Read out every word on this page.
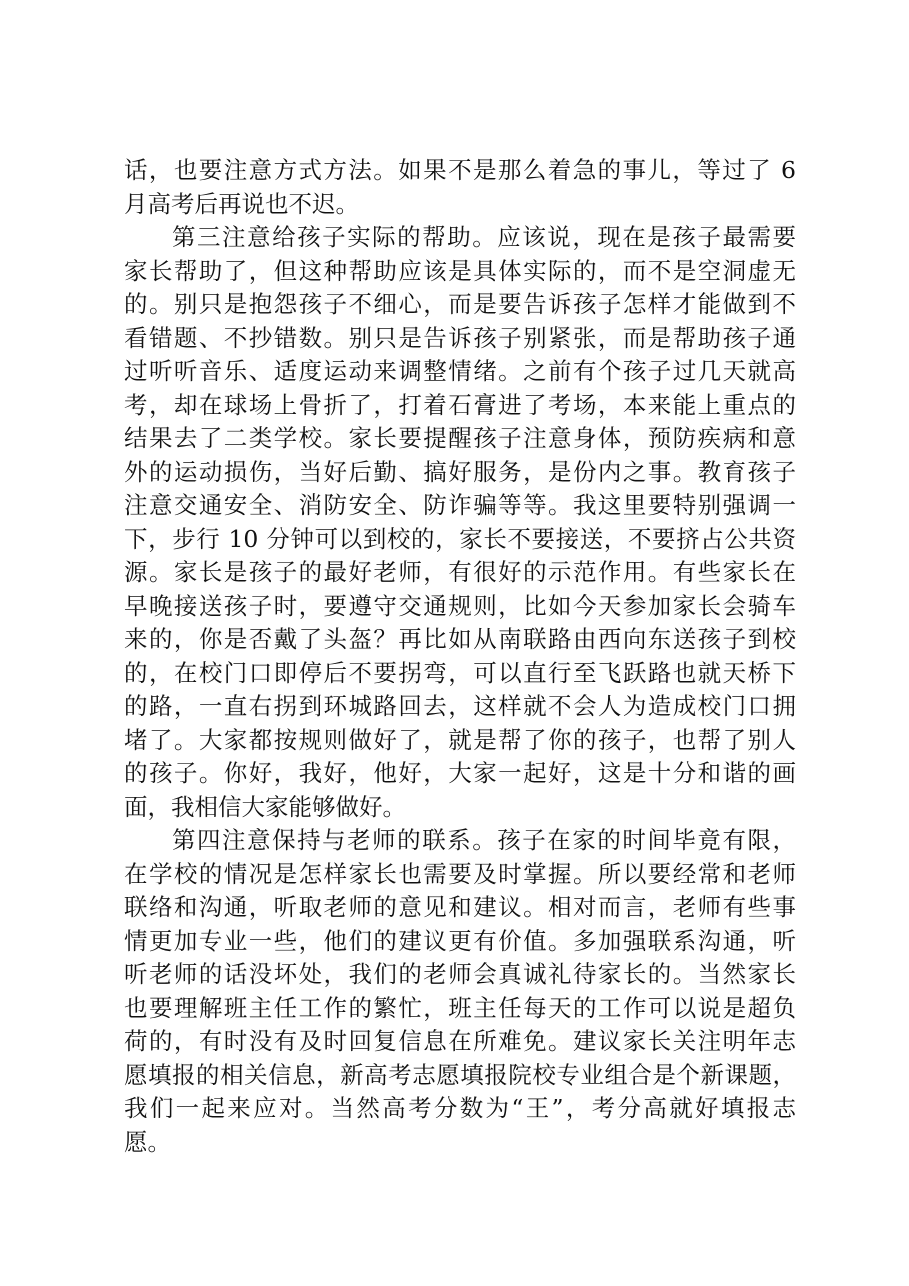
话，也要注意方式方法。如果不是那么着急的事儿，等过了 6
月高考后再说也不迟。
第三注意给孩子实际的帮助。应该说，现在是孩子最需要
家长帮助了，但这种帮助应该是具体实际的，而不是空洞虚无
的。别只是抱怨孩子不细心，而是要告诉孩子怎样才能做到不
看错题、不抄错数。别只是告诉孩子别紧张，而是帮助孩子通
过听听音乐、适度运动来调整情绪。之前有个孩子过几天就高
考，却在球场上骨折了，打着石膏进了考场，本来能上重点的
结果去了二类学校。家长要提醒孩子注意身体，预防疾病和意
外的运动损伤，当好后勤、搞好服务，是份内之事。教育孩子
注意交通安全、消防安全、防诈骗等等。我这里要特别强调一
下，步行 10 分钟可以到校的，家长不要接送，不要挤占公共资
源。家长是孩子的最好老师，有很好的示范作用。有些家长在
早晚接送孩子时，要遵守交通规则，比如今天参加家长会骑车
来的，你是否戴了头盔？再比如从南联路由西向东送孩子到校
的，在校门口即停后不要拐弯，可以直行至飞跃路也就天桥下
的路，一直右拐到环城路回去，这样就不会人为造成校门口拥
堵了。大家都按规则做好了，就是帮了你的孩子，也帮了别人
的孩子。你好，我好，他好，大家一起好，这是十分和谐的画
面，我相信大家能够做好。
第四注意保持与老师的联系。孩子在家的时间毕竟有限，
在学校的情况是怎样家长也需要及时掌握。所以要经常和老师
联络和沟通，听取老师的意见和建议。相对而言，老师有些事
情更加专业一些，他们的建议更有价值。多加强联系沟通，听
听老师的话没坏处，我们的老师会真诚礼待家长的。当然家长
也要理解班主任工作的繁忙，班主任每天的工作可以说是超负
荷的，有时没有及时回复信息在所难免。建议家长关注明年志
愿填报的相关信息，新高考志愿填报院校专业组合是个新课题，
我们一起来应对。当然高考分数为“王”，考分高就好填报志
愿。
